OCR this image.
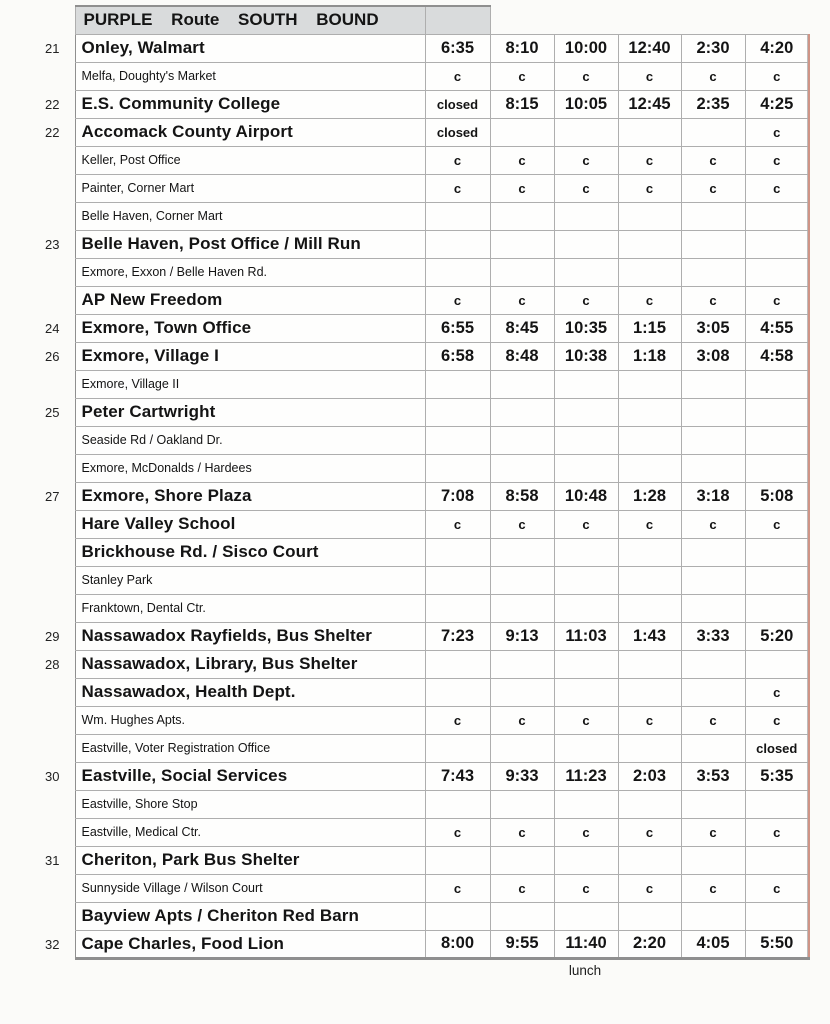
	PURPLE Route SOUTH BOUND						
21	Onley, Walmart	6:35	8:10	10:00	12:40	2:30	4:20
	Melfa, Doughty's Market	c	c	c	c	c	c
22	E.S. Community College	closed	8:15	10:05	12:45	2:35	4:25
22	Accomack County Airport	closed					c
	Keller, Post Office	c	c	c	c	c	c
	Painter, Corner Mart	c	c	c	c	c	c
	Belle Haven, Corner Mart						
23	Belle Haven, Post Office / Mill Run						
	Exmore, Exxon / Belle Haven Rd.						
	AP New Freedom	c	c	c	c	c	c
24	Exmore, Town Office	6:55	8:45	10:35	1:15	3:05	4:55
26	Exmore, Village I	6:58	8:48	10:38	1:18	3:08	4:58
	Exmore, Village II						
25	Peter Cartwright						
	Seaside Rd / Oakland Dr.						
	Exmore, McDonalds / Hardees						
27	Exmore, Shore Plaza	7:08	8:58	10:48	1:28	3:18	5:08
	Hare Valley School	c	c	c	c	c	c
	Brickhouse Rd. / Sisco Court						
	Stanley Park						
	Franktown, Dental Ctr.						
29	Nassawadox Rayfields, Bus Shelter	7:23	9:13	11:03	1:43	3:33	5:20
28	Nassawadox, Library, Bus Shelter						
	Nassawadox, Health Dept.						c
	Wm. Hughes Apts.	c	c	c	c	c	c
	Eastville, Voter Registration Office						closed
30	Eastville, Social Services	7:43	9:33	11:23	2:03	3:53	5:35
	Eastville, Shore Stop						
	Eastville, Medical Ctr.	c	c	c	c	c	c
31	Cheriton, Park Bus Shelter						
	Sunnyside Village / Wilson Court	c	c	c	c	c	c
	Bayview Apts / Cheriton Red Barn						
32	Cape Charles, Food Lion	8:00	9:55	11:40	2:20	4:05	5:50
lunch
